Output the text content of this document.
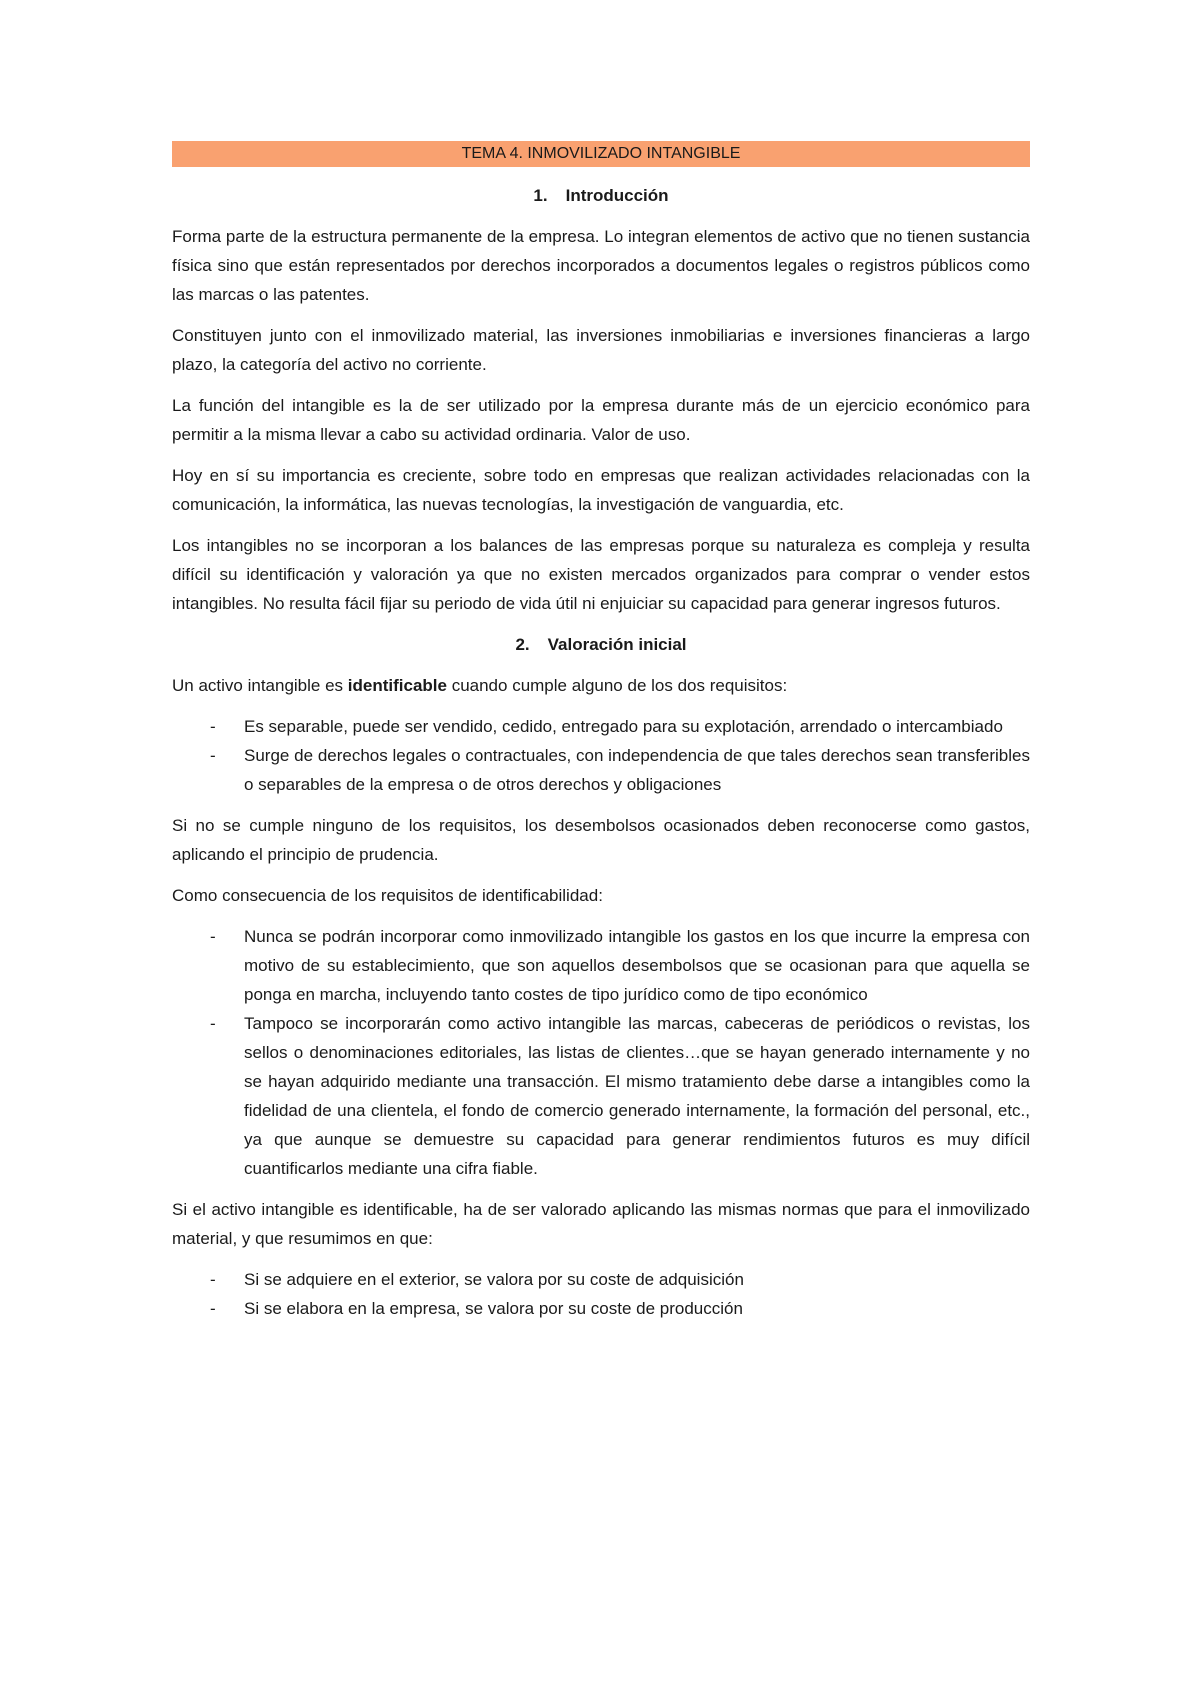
TEMA 4. INMOVILIZADO INTANGIBLE
1. Introducción

Forma parte de la estructura permanente de la empresa. Lo integran elementos de activo que no tienen sustancia física sino que están representados por derechos incorporados a documentos legales o registros públicos como las marcas o las patentes.

Constituyen junto con el inmovilizado material, las inversiones inmobiliarias e inversiones financieras a largo plazo, la categoría del activo no corriente.

La función del intangible es la de ser utilizado por la empresa durante más de un ejercicio económico para permitir a la misma llevar a cabo su actividad ordinaria. Valor de uso.

Hoy en sí su importancia es creciente, sobre todo en empresas que realizan actividades relacionadas con la comunicación, la informática, las nuevas tecnologías, la investigación de vanguardia, etc.

Los intangibles no se incorporan a los balances de las empresas porque su naturaleza es compleja y resulta difícil su identificación y valoración ya que no existen mercados organizados para comprar o vender estos intangibles. No resulta fácil fijar su periodo de vida útil ni enjuiciar su capacidad para generar ingresos futuros.

2. Valoración inicial

Un activo intangible es identificable cuando cumple alguno de los dos requisitos:

- Es separable, puede ser vendido, cedido, entregado para su explotación, arrendado o intercambiado
- Surge de derechos legales o contractuales, con independencia de que tales derechos sean transferibles o separables de la empresa o de otros derechos y obligaciones

Si no se cumple ninguno de los requisitos, los desembolsos ocasionados deben reconocerse como gastos, aplicando el principio de prudencia.

Como consecuencia de los requisitos de identificabilidad:

- Nunca se podrán incorporar como inmovilizado intangible los gastos en los que incurre la empresa con motivo de su establecimiento, que son aquellos desembolsos que se ocasionan para que aquella se ponga en marcha, incluyendo tanto costes de tipo jurídico como de tipo económico
- Tampoco se incorporarán como activo intangible las marcas, cabeceras de periódicos o revistas, los sellos o denominaciones editoriales, las listas de clientes…que se hayan generado internamente y no se hayan adquirido mediante una transacción. El mismo tratamiento debe darse a intangibles como la fidelidad de una clientela, el fondo de comercio generado internamente, la formación del personal, etc., ya que aunque se demuestre su capacidad para generar rendimientos futuros es muy difícil cuantificarlos mediante una cifra fiable.

Si el activo intangible es identificable, ha de ser valorado aplicando las mismas normas que para el inmovilizado material, y que resumimos en que:

- Si se adquiere en el exterior, se valora por su coste de adquisición
- Si se elabora en la empresa, se valora por su coste de producción
